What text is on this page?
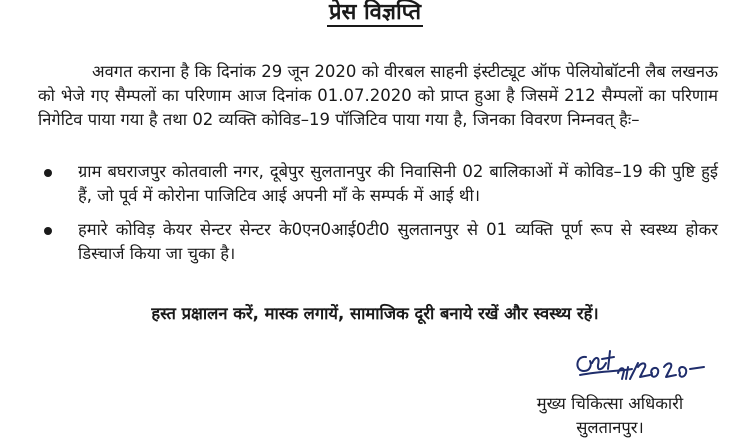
प्रेस विज्ञप्ति
अवगत कराना है कि दिनांक 29 जून 2020 को वीरबल साहनी इंस्टीट्यूट ऑफ पेलियोबॉटनी लैब लखनऊ को भेजे गए सैम्पलों का परिणाम आज दिनांक 01.07.2020 को प्राप्त हुआ है जिसमें 212 सैम्पलों का परिणाम निगेटिव पाया गया है तथा 02 व्यक्ति कोविड–19 पॉजिटिव पाया गया है, जिनका विवरण निम्नवत् हैः–
ग्राम बघराजपुर कोतवाली नगर, दूबेपुर सुलतानपुर की निवासिनी 02 बालिकाओं में कोविड–19 की पुष्टि हुई हैं, जो पूर्व में कोरोना पाजिटिव आई अपनी माँ के सम्पर्क में आई थी।
हमारे कोविड़ केयर सेन्टर सेन्टर के0एन0आई0टी0 सुलतानपुर से 01 व्यक्ति पूर्ण रूप से स्वस्थ्य होकर डिस्चार्ज किया जा चुका है।
हस्त प्रक्षालन करें, मास्क लगायें, सामाजिक दूरी बनाये रखें और स्वस्थ्य रहें।
मुख्य चिकित्सा अधिकारी
सुलतानपुर।
